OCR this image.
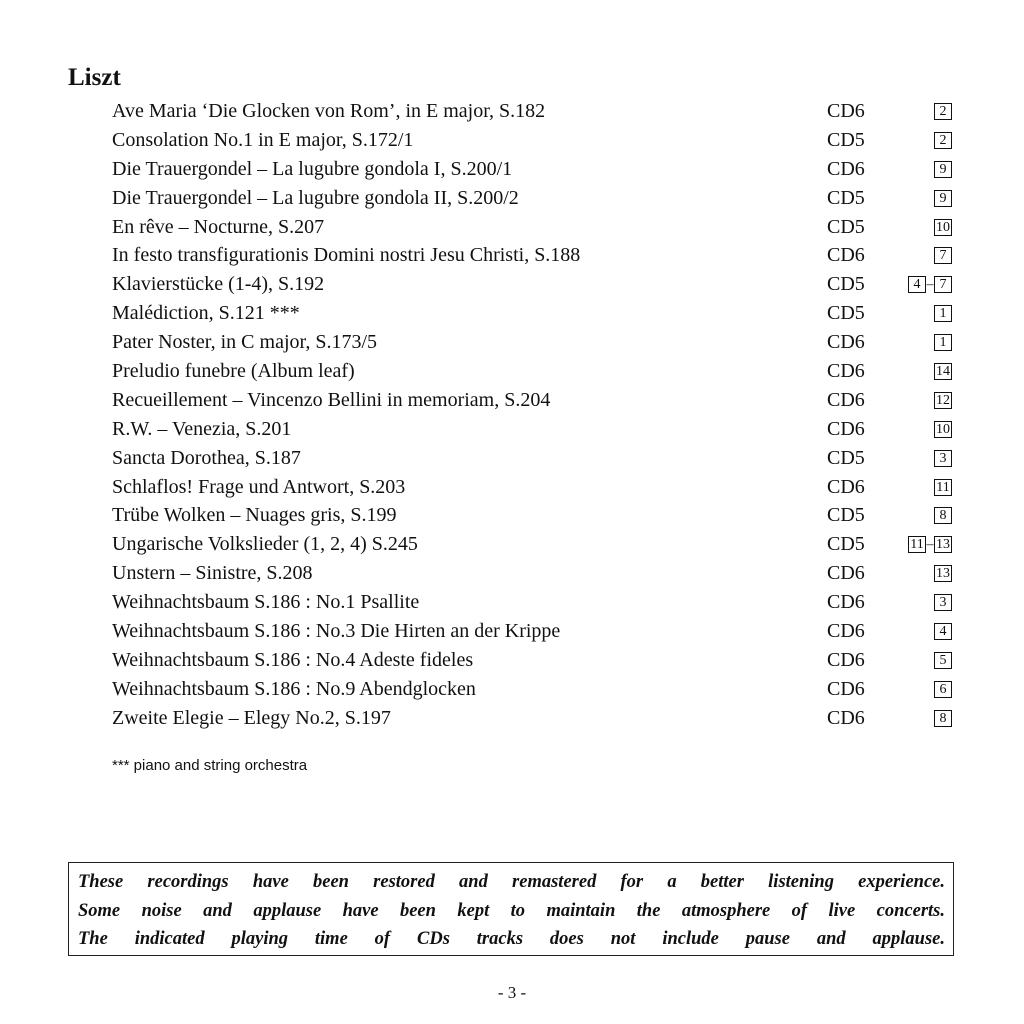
Liszt
Ave Maria ‘Die Glocken von Rom’, in E major, S.182	CD6	2
Consolation No.1 in E major, S.172/1	CD5	2
Die Trauergondel – La lugubre gondola I, S.200/1	CD6	9
Die Trauergondel – La lugubre gondola II, S.200/2	CD5	9
En rêve – Nocturne, S.207	CD5	10
In festo transfigurationis Domini nostri Jesu Christi, S.188	CD6	7
Klavierstücke (1-4), S.192	CD5	4 – 7
Malédiction, S.121 ***	CD5	1
Pater Noster, in C major, S.173/5	CD6	1
Preludio funebre (Album leaf)	CD6	14
Recueillement – Vincenzo Bellini in memoriam, S.204	CD6	12
R.W. – Venezia, S.201	CD6	10
Sancta Dorothea, S.187	CD5	3
Schlaflos! Frage und Antwort, S.203	CD6	11
Trübe Wolken – Nuages gris, S.199	CD5	8
Ungarische Volkslieder (1, 2, 4) S.245	CD5	11 – 13
Unstern – Sinistre, S.208	CD6	13
Weihnachtsbaum S.186 : No.1 Psallite	CD6	3
Weihnachtsbaum S.186 : No.3 Die Hirten an der Krippe	CD6	4
Weihnachtsbaum S.186 : No.4 Adeste fideles	CD6	5
Weihnachtsbaum S.186 : No.9 Abendglocken	CD6	6
Zweite Elegie – Elegy No.2, S.197	CD6	8

*** piano and string orchestra

These recordings have been restored and remastered for a better listening experience.
Some noise and applause have been kept to maintain the atmosphere of live concerts.
The indicated playing time of CDs tracks does not include pause and applause.

- 3 -
